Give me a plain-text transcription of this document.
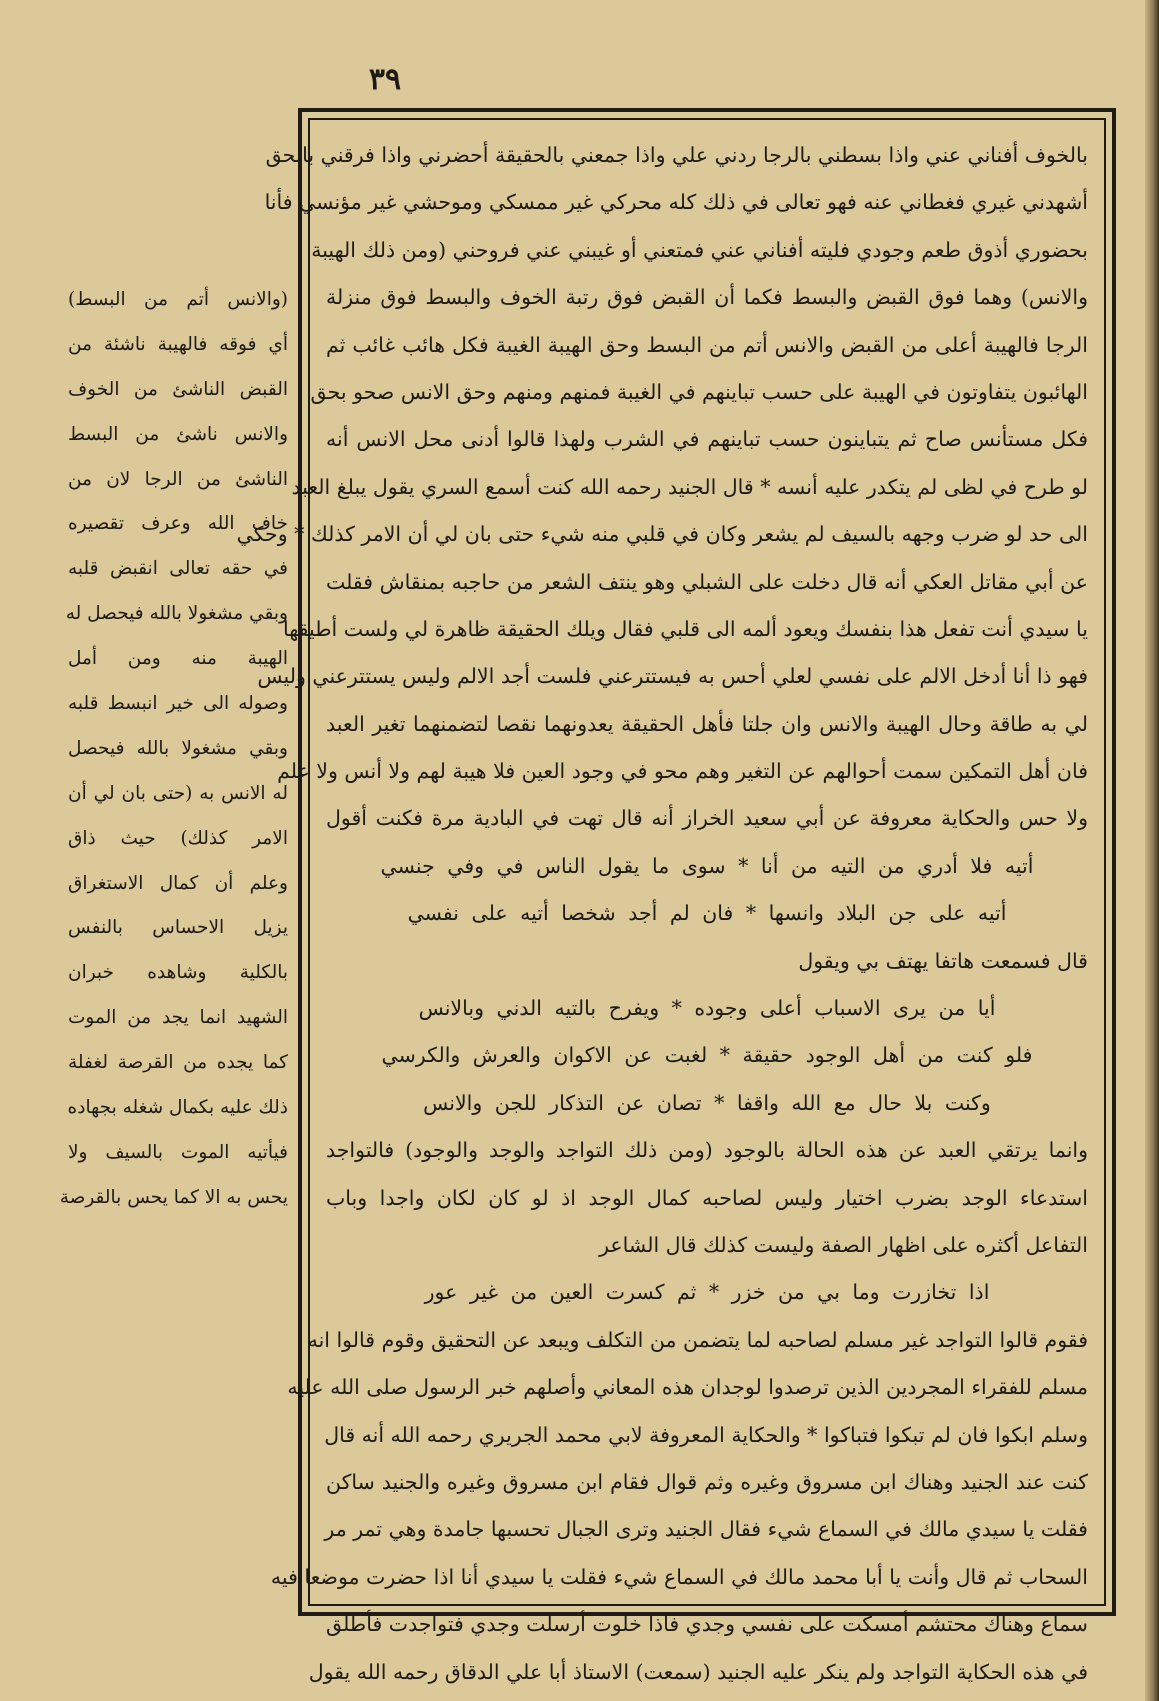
٣٩
بالخوف أفناني عني واذا بسطني بالرجا ردني علي واذا جمعني بالحقيقة أحضرني واذا فرقني بالحق
أشهدني غيري فغطاني عنه فهو تعالى في ذلك كله محركي غير ممسكي وموحشي غير مؤنسي فأنا
بحضوري أذوق طعم وجودي فليته أفناني عني فمتعني أو غيبني عني فروحني (ومن ذلك الهيبة
والانس) وهما فوق القبض والبسط فكما أن القبض فوق رتبة الخوف والبسط فوق منزلة
الرجا فالهيبة أعلى من القبض والانس أتم من البسط وحق الهيبة الغيبة فكل هائب غائب ثم
الهائبون يتفاوتون في الهيبة على حسب تباينهم في الغيبة فمنهم ومنهم وحق الانس صحو بحق
فكل مستأنس صاح ثم يتباينون حسب تباينهم في الشرب ولهذا قالوا أدنى محل الانس أنه
لو طرح في لظى لم يتكدر عليه أنسه * قال الجنيد رحمه الله كنت أسمع السري يقول يبلغ العبد
الى حد لو ضرب وجهه بالسيف لم يشعر وكان في قلبي منه شيء حتى بان لي أن الامر كذلك * وحكي
عن أبي مقاتل العكي أنه قال دخلت على الشبلي وهو ينتف الشعر من حاجبه بمنقاش فقلت
يا سيدي أنت تفعل هذا بنفسك ويعود ألمه الى قلبي فقال ويلك الحقيقة ظاهرة لي ولست أطيقها
فهو ذا أنا أدخل الالم على نفسي لعلي أحس به فيستترعني فلست أجد الالم وليس يستترعني وليس
لي به طاقة وحال الهيبة والانس وان جلتا فأهل الحقيقة يعدونهما نقصا لتضمنهما تغير العبد
فان أهل التمكين سمت أحوالهم عن التغير وهم محو في وجود العين فلا هيبة لهم ولا أنس ولا علم
ولا حس والحكاية معروفة عن أبي سعيد الخراز أنه قال تهت في البادية مرة فكنت أقول
أتيه فلا أدري من التيه من أنا * سوى ما يقول الناس في وفي جنسي
أتيه على جن البلاد وانسها * فان لم أجد شخصا أتيه على نفسي
قال فسمعت هاتفا يهتف بي ويقول
أيا من يرى الاسباب أعلى وجوده * ويفرح بالتيه الدني وبالانس
فلو كنت من أهل الوجود حقيقة * لغبت عن الاكوان والعرش والكرسي
وكنت بلا حال مع الله واقفا * تصان عن التذكار للجن والانس
وانما يرتقي العبد عن هذه الحالة بالوجود (ومن ذلك التواجد والوجد والوجود) فالتواجد
استدعاء الوجد بضرب اختيار وليس لصاحبه كمال الوجد اذ لو كان لكان واجدا وباب
التفاعل أكثره على اظهار الصفة وليست كذلك قال الشاعر
اذا تخازرت وما بي من خزر * ثم كسرت العين من غير عور
فقوم قالوا التواجد غير مسلم لصاحبه لما يتضمن من التكلف ويبعد عن التحقيق وقوم قالوا انه
مسلم للفقراء المجردين الذين ترصدوا لوجدان هذه المعاني وأصلهم خبر الرسول صلى الله عليه
وسلم ابكوا فان لم تبكوا فتباكوا * والحكاية المعروفة لابي محمد الجريري رحمه الله أنه قال
كنت عند الجنيد وهناك ابن مسروق وغيره وثم قوال فقام ابن مسروق وغيره والجنيد ساكن
فقلت يا سيدي مالك في السماع شيء فقال الجنيد وترى الجبال تحسبها جامدة وهي تمر مر
السحاب ثم قال وأنت يا أبا محمد مالك في السماع شيء فقلت يا سيدي أنا اذا حضرت موضعا فيه
سماع وهناك محتشم أمسكت على نفسي وجدي فاذا خلوت أرسلت وجدي فتواجدت فأطلق
في هذه الحكاية التواجد ولم ينكر عليه الجنيد (سمعت) الاستاذ أبا علي الدقاق رحمه الله يقول
(والانس أتم من البسط)
أي فوقه فالهيبة ناشئة من
القبض الناشئ من الخوف
والانس ناشئ من البسط
الناشئ من الرجا لان من
خاف الله وعرف تقصيره
في حقه تعالى انقبض قلبه
وبقي مشغولا بالله فيحصل له
الهيبة منه ومن أمل
وصوله الى خير انبسط قلبه
وبقي مشغولا بالله فيحصل
له الانس به (حتى بان لي أن
الامر كذلك) حيث ذاق
وعلم أن كمال الاستغراق
يزيل الاحساس بالنفس
بالكلية وشاهده خبران
الشهيد انما يجد من الموت
كما يجده من القرصة لغفلة
ذلك عليه بكمال شغله بجهاده
فيأتيه الموت بالسيف ولا
يحس به الا كما يحس بالقرصة
